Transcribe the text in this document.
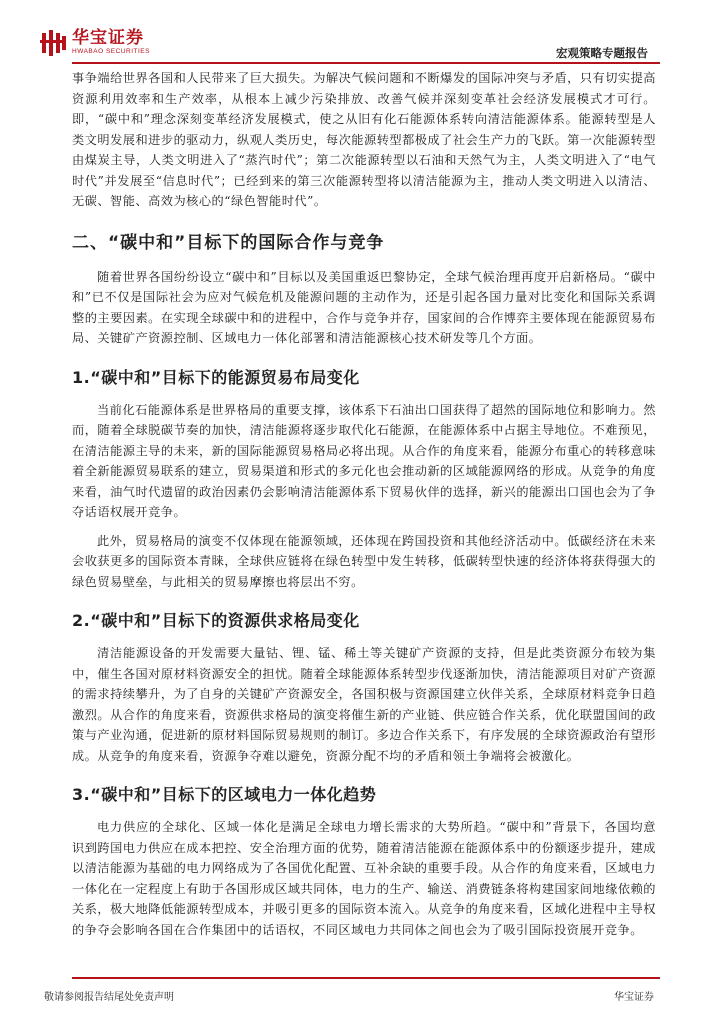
华宝证券
HWABAO SECURITIES	宏观策略专题报告

事争端给世界各国和人民带来了巨大损失。为解决气候问题和不断爆发的国际冲突与矛盾，只有切实提高资源利用效率和生产效率，从根本上减少污染排放、改善气候并深刻变革社会经济发展模式才可行。即，“碳中和”理念深刻变革经济发展模式，使之从旧有化石能源体系转向清洁能源体系。能源转型是人类文明发展和进步的驱动力，纵观人类历史，每次能源转型都极成了社会生产力的飞跃。第一次能源转型由煤炭主导，人类文明进入了“蒸汽时代”；第二次能源转型以石油和天然气为主，人类文明进入了“电气时代”并发展至“信息时代”；已经到来的第三次能源转型将以清洁能源为主，推动人类文明进入以清洁、无碳、智能、高效为核心的“绿色智能时代”。

二、“碳中和”目标下的国际合作与竞争

随着世界各国纷纷设立“碳中和”目标以及美国重返巴黎协定，全球气候治理再度开启新格局。“碳中和”已不仅是国际社会为应对气候危机及能源问题的主动作为，还是引起各国力量对比变化和国际关系调整的主要因素。在实现全球碳中和的进程中，合作与竞争并存，国家间的合作博弈主要体现在能源贸易布局、关键矿产资源控制、区域电力一体化部署和清洁能源核心技术研发等几个方面。

1.“碳中和”目标下的能源贸易布局变化

当前化石能源体系是世界格局的重要支撑，该体系下石油出口国获得了超然的国际地位和影响力。然而，随着全球脱碳节奏的加快，清洁能源将逐步取代化石能源，在能源体系中占据主导地位。不难预见，在清洁能源主导的未来，新的国际能源贸易格局必将出现。从合作的角度来看，能源分布重心的转移意味着全新能源贸易联系的建立，贸易渠道和形式的多元化也会推动新的区域能源网络的形成。从竞争的角度来看，油气时代遗留的政治因素仍会影响清洁能源体系下贸易伙伴的选择，新兴的能源出口国也会为了争夺话语权展开竞争。

此外，贸易格局的演变不仅体现在能源领域，还体现在跨国投资和其他经济活动中。低碳经济在未来会收获更多的国际资本青睐，全球供应链将在绿色转型中发生转移，低碳转型快速的经济体将获得强大的绿色贸易壁垒，与此相关的贸易摩擦也将层出不穷。

2.“碳中和”目标下的资源供求格局变化

清洁能源设备的开发需要大量钴、锂、锰、稀土等关键矿产资源的支持，但是此类资源分布较为集中，催生各国对原材料资源安全的担忧。随着全球能源体系转型步伐逐渐加快，清洁能源项目对矿产资源的需求持续攀升，为了自身的关键矿产资源安全，各国积极与资源国建立伙伴关系，全球原材料竞争日趋激烈。从合作的角度来看，资源供求格局的演变将催生新的产业链、供应链合作关系，优化联盟国间的政策与产业沟通，促进新的原材料国际贸易规则的制订。多边合作关系下，有序发展的全球资源政治有望形成。从竞争的角度来看，资源争夺难以避免，资源分配不均的矛盾和领土争端将会被激化。

3.“碳中和”目标下的区域电力一体化趋势

电力供应的全球化、区域一体化是满足全球电力增长需求的大势所趋。“碳中和”背景下，各国均意识到跨国电力供应在成本把控、安全治理方面的优势，随着清洁能源在能源体系中的份额逐步提升，建成以清洁能源为基础的电力网络成为了各国优化配置、互补余缺的重要手段。从合作的角度来看，区域电力一体化在一定程度上有助于各国形成区域共同体，电力的生产、输送、消费链条将构建国家间地缘依赖的关系，极大地降低能源转型成本，并吸引更多的国际资本流入。从竞争的角度来看，区域化进程中主导权的争夺会影响各国在合作集团中的话语权，不同区域电力共同体之间也会为了吸引国际投资展开竞争。

敬请参阅报告结尾处免责声明	华宝证券
